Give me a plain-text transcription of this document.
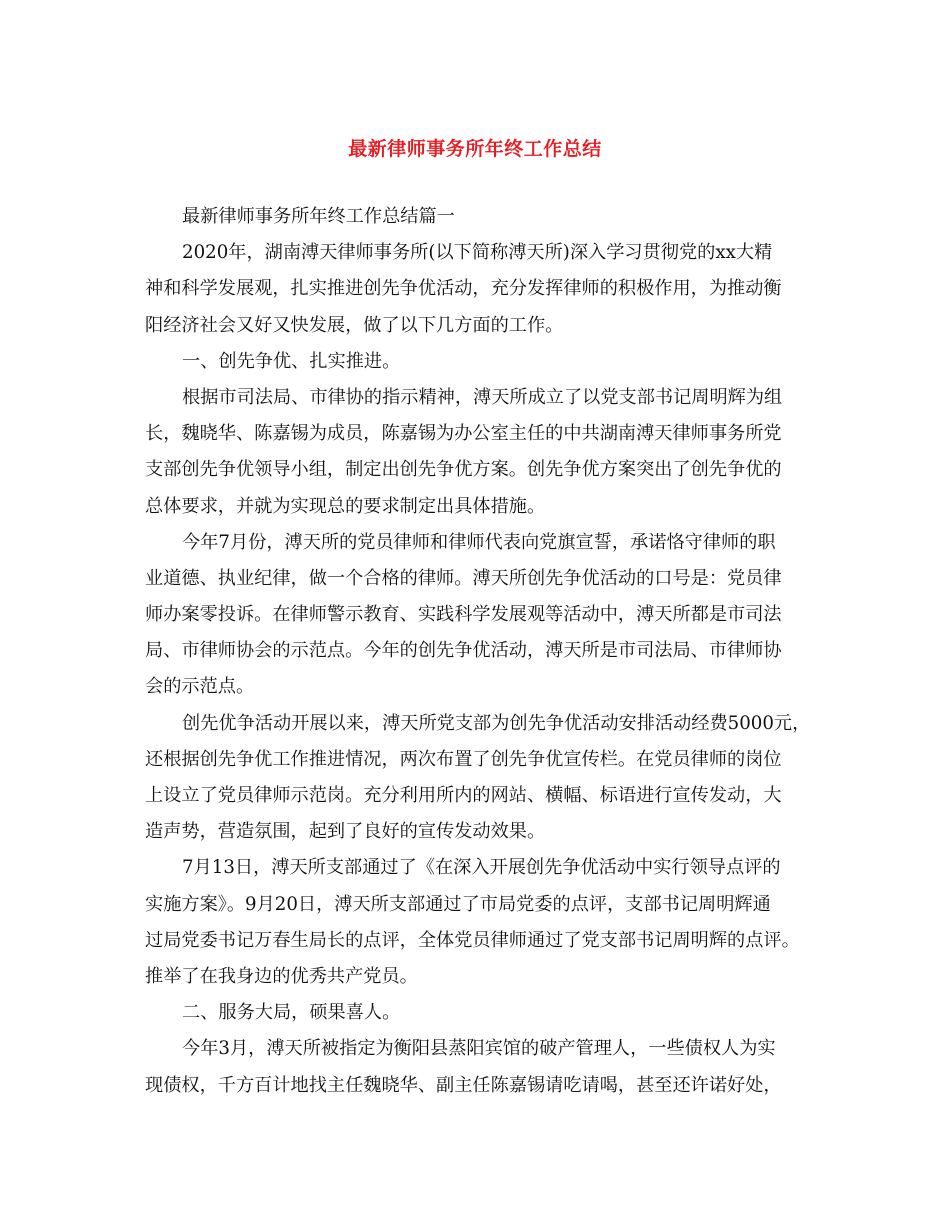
最新律师事务所年终工作总结
最新律师事务所年终工作总结篇一
2020年，湖南溥天律师事务所(以下简称溥天所)深入学习贯彻党的xx大精
神和科学发展观，扎实推进创先争优活动，充分发挥律师的积极作用，为推动衡
阳经济社会又好又快发展，做了以下几方面的工作。
一、创先争优、扎实推进。
根据市司法局、市律协的指示精神，溥天所成立了以党支部书记周明辉为组
长，魏晓华、陈嘉锡为成员，陈嘉锡为办公室主任的中共湖南溥天律师事务所党
支部创先争优领导小组，制定出创先争优方案。创先争优方案突出了创先争优的
总体要求，并就为实现总的要求制定出具体措施。
今年7月份，溥天所的党员律师和律师代表向党旗宣誓，承诺恪守律师的职
业道德、执业纪律，做一个合格的律师。溥天所创先争优活动的口号是：党员律
师办案零投诉。在律师警示教育、实践科学发展观等活动中，溥天所都是市司法
局、市律师协会的示范点。今年的创先争优活动，溥天所是市司法局、市律师协
会的示范点。
创先优争活动开展以来，溥天所党支部为创先争优活动安排活动经费5000元，
还根据创先争优工作推进情况，两次布置了创先争优宣传栏。在党员律师的岗位
上设立了党员律师示范岗。充分利用所内的网站、横幅、标语进行宣传发动，大
造声势，营造氛围，起到了良好的宣传发动效果。
7月13日，溥天所支部通过了《在深入开展创先争优活动中实行领导点评的
实施方案》。9月20日，溥天所支部通过了市局党委的点评，支部书记周明辉通
过局党委书记万春生局长的点评，全体党员律师通过了党支部书记周明辉的点评。
推举了在我身边的优秀共产党员。
二、服务大局，硕果喜人。
今年3月，溥天所被指定为衡阳县蒸阳宾馆的破产管理人，一些债权人为实
现债权，千方百计地找主任魏晓华、副主任陈嘉锡请吃请喝，甚至还许诺好处，
